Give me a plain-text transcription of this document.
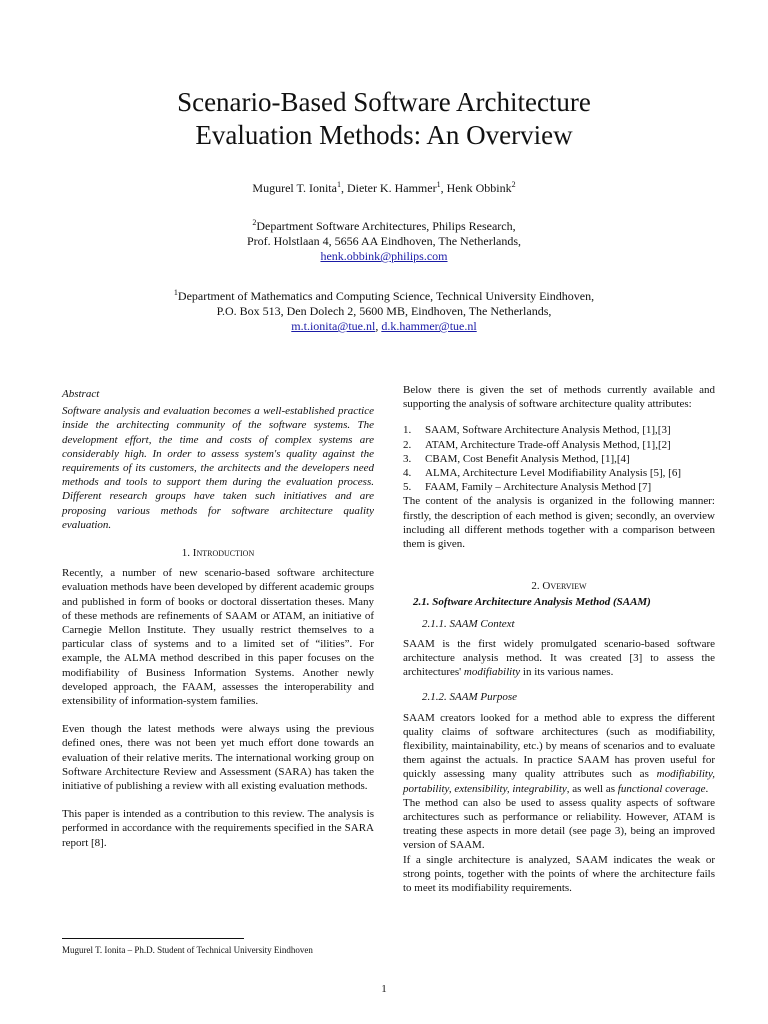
Scenario-Based Software Architecture
Evaluation Methods: An Overview
Mugurel T. Ionita$^1$, Dieter K. Hammer$^1$, Henk Obbink$^2$
$^2$Department Software Architectures, Philips Research,
Prof. Holstlaan 4, 5656 AA Eindhoven, The Netherlands,
henk.obbink@philips.com
$^1$Department of Mathematics and Computing Science, Technical University Eindhoven,
P.O. Box 513, Den Dolech 2, 5600 MB, Eindhoven, The Netherlands,
m.t.ionita@tue.nl, d.k.hammer@tue.nl

Abstract

Software analysis and evaluation becomes a well-established practice inside the architecting community of the software systems. The development effort, the time and costs of complex systems are considerably high. In order to assess system's quality against the requirements of its customers, the architects and the developers need methods and tools to support them during the evaluation process. Different research groups have taken such initiatives and are proposing various methods for software architecture quality evaluation.

1. Introduction

Recently, a number of new scenario-based software architecture evaluation methods have been developed by different academic groups and published in form of books or doctoral dissertation theses. Many of these methods are refinements of SAAM or ATAM, an initiative of Carnegie Mellon Institute. They usually restrict themselves to a particular class of systems and to a limited set of “ilities”. For example, the ALMA method described in this paper focuses on the modifiability of Business Information Systems. Another newly developed approach, the FAAM, assesses the interoperability and extensibility of information-system families.

Even though the latest methods were always using the previous defined ones, there was not been yet much effort done towards an evaluation of their relative merits. The international working group on Software Architecture Review and Assessment (SARA) has taken the initiative of publishing a review with all existing evaluation methods.

This paper is intended as a contribution to this review. The analysis is performed in accordance with the requirements specified in the SARA report [8].

Mugurel T. Ionita – Ph.D. Student of Technical University Eindhoven

Below there is given the set of methods currently available and supporting the analysis of software architecture quality attributes:

1.	SAAM, Software Architecture Analysis Method, [1],[3]
2.	ATAM, Architecture Trade-off Analysis Method, [1],[2]
3.	CBAM, Cost Benefit Analysis Method, [1],[4]
4.	ALMA, Architecture Level Modifiability Analysis [5], [6]
5.	FAAM, Family – Architecture Analysis Method [7]

The content of the analysis is organized in the following manner: firstly, the description of each method is given; secondly, an overview including all different methods together with a comparison between them is given.

2. Overview

2.1. Software Architecture Analysis Method (SAAM)

2.1.1. SAAM Context

SAAM is the first widely promulgated scenario-based software architecture analysis method. It was created [3] to assess the architectures' modifiability in its various names.

2.1.2. SAAM Purpose

SAAM creators looked for a method able to express the different quality claims of software architectures (such as modifiability, flexibility, maintainability, etc.) by means of scenarios and to evaluate them against the actuals. In practice SAAM has proven useful for quickly assessing many quality attributes such as modifiability, portability, extensibility, integrability, as well as functional coverage.

The method can also be used to assess quality aspects of software architectures such as performance or reliability. However, ATAM is treating these aspects in more detail (see page 3), being an improved version of SAAM.

If a single architecture is analyzed, SAAM indicates the weak or strong points, together with the points of where the architecture fails to meet its modifiability requirements.

1
